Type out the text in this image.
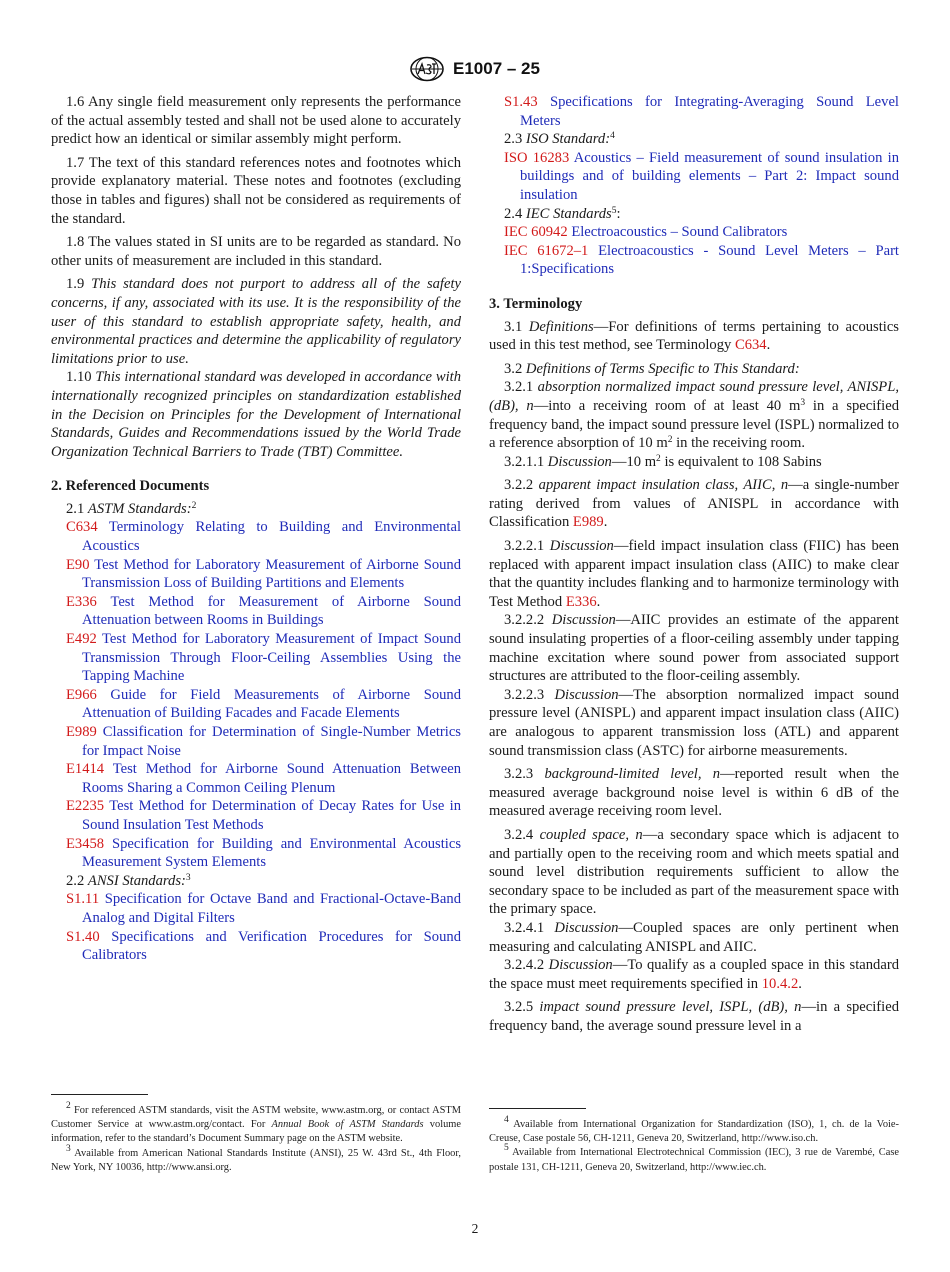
E1007 – 25

1.6 Any single field measurement only represents the performance of the actual assembly tested and shall not be used alone to accurately predict how an identical or similar assembly might perform.

1.7 The text of this standard references notes and footnotes which provide explanatory material. These notes and footnotes (excluding those in tables and figures) shall not be considered as requirements of the standard.

1.8 The values stated in SI units are to be regarded as standard. No other units of measurement are included in this standard.

1.9 This standard does not purport to address all of the safety concerns, if any, associated with its use. It is the responsibility of the user of this standard to establish appropriate safety, health, and environmental practices and determine the applicability of regulatory limitations prior to use.

1.10 This international standard was developed in accordance with internationally recognized principles on standardization established in the Decision on Principles for the Development of International Standards, Guides and Recommendations issued by the World Trade Organization Technical Barriers to Trade (TBT) Committee.

2. Referenced Documents

2.1 ASTM Standards:$^2$

C634 Terminology Relating to Building and Environmental Acoustics

E90 Test Method for Laboratory Measurement of Airborne Sound Transmission Loss of Building Partitions and Elements

E336 Test Method for Measurement of Airborne Sound Attenuation between Rooms in Buildings

E492 Test Method for Laboratory Measurement of Impact Sound Transmission Through Floor-Ceiling Assemblies Using the Tapping Machine

E966 Guide for Field Measurements of Airborne Sound Attenuation of Building Facades and Facade Elements

E989 Classification for Determination of Single-Number Metrics for Impact Noise

E1414 Test Method for Airborne Sound Attenuation Between Rooms Sharing a Common Ceiling Plenum

E2235 Test Method for Determination of Decay Rates for Use in Sound Insulation Test Methods

E3458 Specification for Building and Environmental Acoustics Measurement System Elements

2.2 ANSI Standards:$^3$

S1.11 Specification for Octave Band and Fractional-Octave-Band Analog and Digital Filters

S1.40 Specifications and Verification Procedures for Sound Calibrators

$^2$ For referenced ASTM standards, visit the ASTM website, www.astm.org, or contact ASTM Customer Service at www.astm.org/contact. For Annual Book of ASTM Standards volume information, refer to the standard’s Document Summary page on the ASTM website.

$^3$ Available from American National Standards Institute (ANSI), 25 W. 43rd St., 4th Floor, New York, NY 10036, http://www.ansi.org.

S1.43 Specifications for Integrating-Averaging Sound Level Meters

2.3 ISO Standard:$^4$

ISO 16283 Acoustics – Field measurement of sound insulation in buildings and of building elements – Part 2: Impact sound insulation

2.4 IEC Standards$^5$:

IEC 60942 Electroacoustics – Sound Calibrators

IEC 61672–1 Electroacoustics - Sound Level Meters – Part 1:Specifications

3. Terminology

3.1 Definitions—For definitions of terms pertaining to acoustics used in this test method, see Terminology C634.

3.2 Definitions of Terms Specific to This Standard:

3.2.1 absorption normalized impact sound pressure level, ANISPL, (dB), n—into a receiving room of at least 40 $m^3$ in a specified frequency band, the impact sound pressure level (ISPL) normalized to a reference absorption of 10 $m^2$ in the receiving room.

3.2.1.1 Discussion—10 $m^2$ is equivalent to 108 Sabins

3.2.2 apparent impact insulation class, AIIC, n—a single-number rating derived from values of ANISPL in accordance with Classification E989.

3.2.2.1 Discussion—field impact insulation class (FIIC) has been replaced with apparent impact insulation class (AIIC) to make clear that the quantity includes flanking and to harmonize terminology with Test Method E336.

3.2.2.2 Discussion—AIIC provides an estimate of the apparent sound insulating properties of a floor-ceiling assembly under tapping machine excitation where sound power from associated support structures are attributed to the floor-ceiling assembly.

3.2.2.3 Discussion—The absorption normalized impact sound pressure level (ANISPL) and apparent impact insulation class (AIIC) are analogous to apparent transmission loss (ATL) and apparent sound transmission class (ASTC) for airborne measurements.

3.2.3 background-limited level, n—reported result when the measured average background noise level is within 6 dB of the measured average receiving room level.

3.2.4 coupled space, n—a secondary space which is adjacent to and partially open to the receiving room and which meets spatial and sound level distribution requirements sufficient to allow the secondary space to be included as part of the measurement space with the primary space.

3.2.4.1 Discussion—Coupled spaces are only pertinent when measuring and calculating ANISPL and AIIC.

3.2.4.2 Discussion—To qualify as a coupled space in this standard the space must meet requirements specified in 10.4.2.

3.2.5 impact sound pressure level, ISPL, (dB), n—in a specified frequency band, the average sound pressure level in a

$^4$ Available from International Organization for Standardization (ISO), 1, ch. de la Voie-Creuse, Case postale 56, CH-1211, Geneva 20, Switzerland, http://www.iso.ch.

$^5$ Available from International Electrotechnical Commission (IEC), 3 rue de Varembé, Case postale 131, CH-1211, Geneva 20, Switzerland, http://www.iec.ch.

2
